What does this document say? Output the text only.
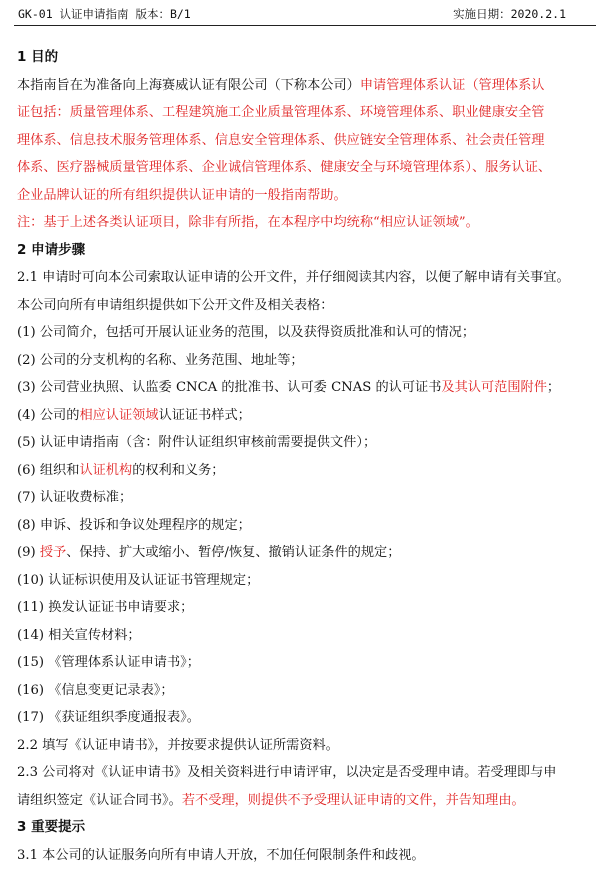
GK-01 认证申请指南 版本：B/1	实施日期：2020.2.1
1 目的
本指南旨在为准备向上海赛威认证有限公司（下称本公司）申请管理体系认证（管理体系认
证包括：质量管理体系、工程建筑施工企业质量管理体系、环境管理体系、职业健康安全管
理体系、信息技术服务管理体系、信息安全管理体系、供应链安全管理体系、社会责任管理
体系、医疗器械质量管理体系、企业诚信管理体系、健康安全与环境管理体系）、服务认证、
企业品牌认证的所有组织提供认证申请的一般指南帮助。
注：基于上述各类认证项目，除非有所指，在本程序中均统称“相应认证领域”。
2 申请步骤
2.1 申请时可向本公司索取认证申请的公开文件，并仔细阅读其内容，以便了解申请有关事宜。
本公司向所有申请组织提供如下公开文件及相关表格：
(1) 公司简介，包括可开展认证业务的范围，以及获得资质批准和认可的情况；
(2) 公司的分支机构的名称、业务范围、地址等；
(3) 公司营业执照、认监委 CNCA 的批准书、认可委 CNAS 的认可证书及其认可范围附件；
(4) 公司的相应认证领域认证证书样式；
(5) 认证申请指南（含：附件认证组织审核前需要提供文件）；
(6) 组织和认证机构的权利和义务；
(7) 认证收费标准；
(8) 申诉、投诉和争议处理程序的规定；
(9) 授予、保持、扩大或缩小、暂停/恢复、撤销认证条件的规定；
(10) 认证标识使用及认证证书管理规定；
(11) 换发认证证书申请要求；
(14) 相关宣传材料；
(15) 《管理体系认证申请书》；
(16) 《信息变更记录表》；
(17) 《获证组织季度通报表》。
2.2 填写《认证申请书》，并按要求提供认证所需资料。
2.3 公司将对《认证申请书》及相关资料进行申请评审，以决定是否受理申请。若受理即与申
请组织签定《认证合同书》。若不受理，则提供不予受理认证申请的文件，并告知理由。
3 重要提示
3.1 本公司的认证服务向所有申请人开放，不加任何限制条件和歧视。
